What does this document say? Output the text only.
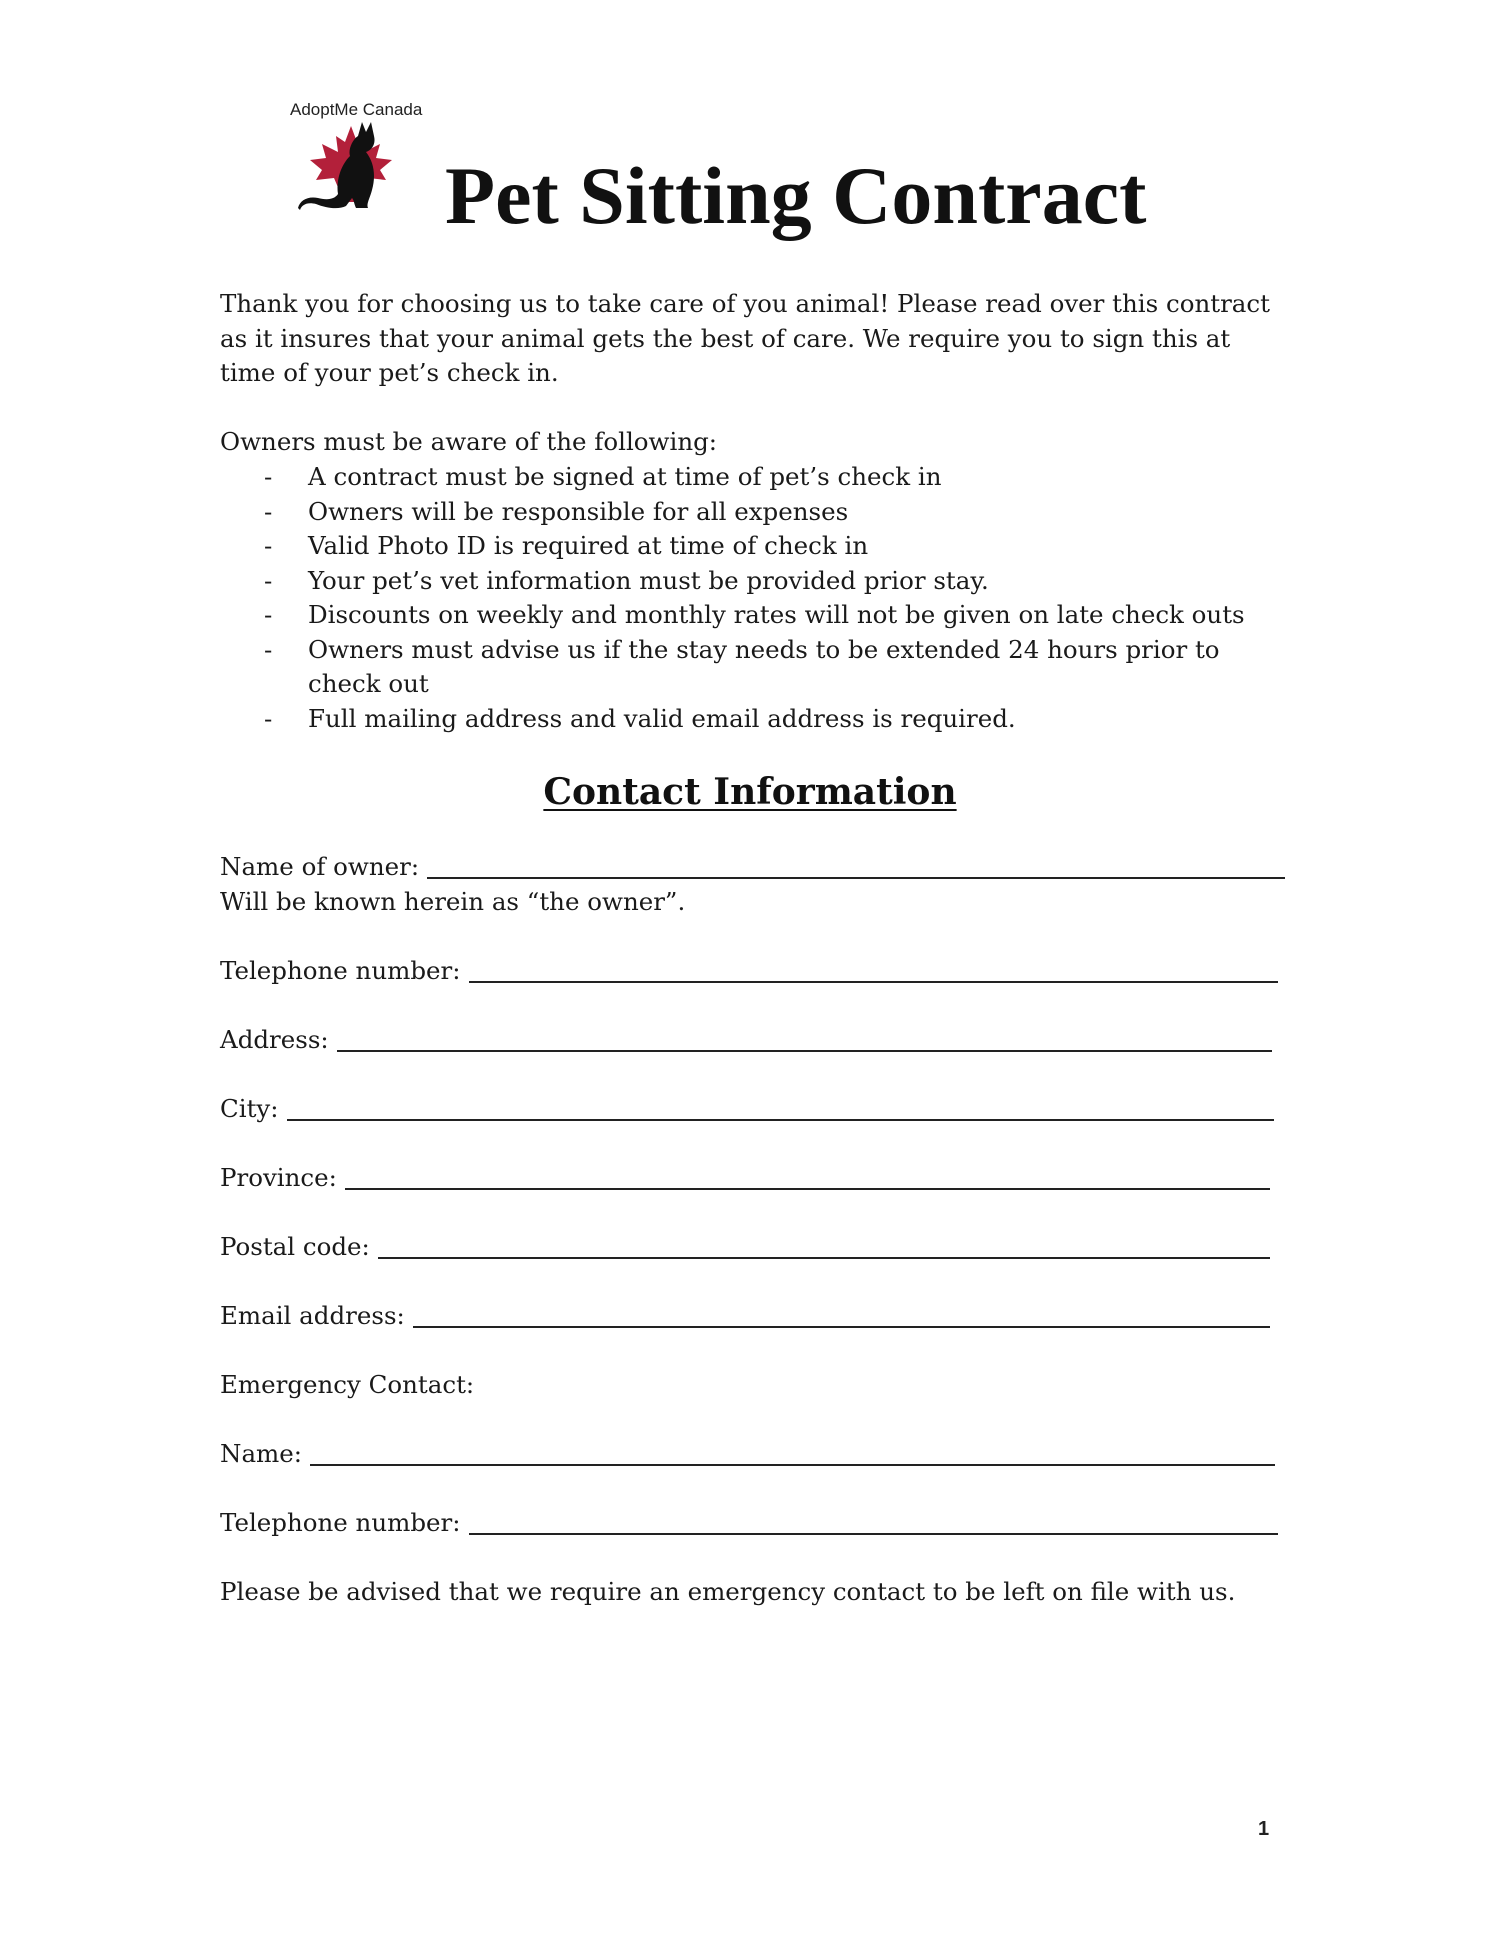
AdoptMe Canada
Pet Sitting Contract

Thank you for choosing us to take care of you animal! Please read over this contract as it insures that your animal gets the best of care. We require you to sign this at time of your pet’s check in.

Owners must be aware of the following:
- A contract must be signed at time of pet’s check in
- Owners will be responsible for all expenses
- Valid Photo ID is required at time of check in
- Your pet’s vet information must be provided prior stay.
- Discounts on weekly and monthly rates will not be given on late check outs
- Owners must advise us if the stay needs to be extended 24 hours prior to check out
- Full mailing address and valid email address is required.
Contact Information
Name of owner:
Will be known herein as “the owner”.
Telephone number:
Address:
City:
Province:
Postal code:
Email address:
Emergency Contact:
Name:
Telephone number:
Please be advised that we require an emergency contact to be left on file with us.
1
